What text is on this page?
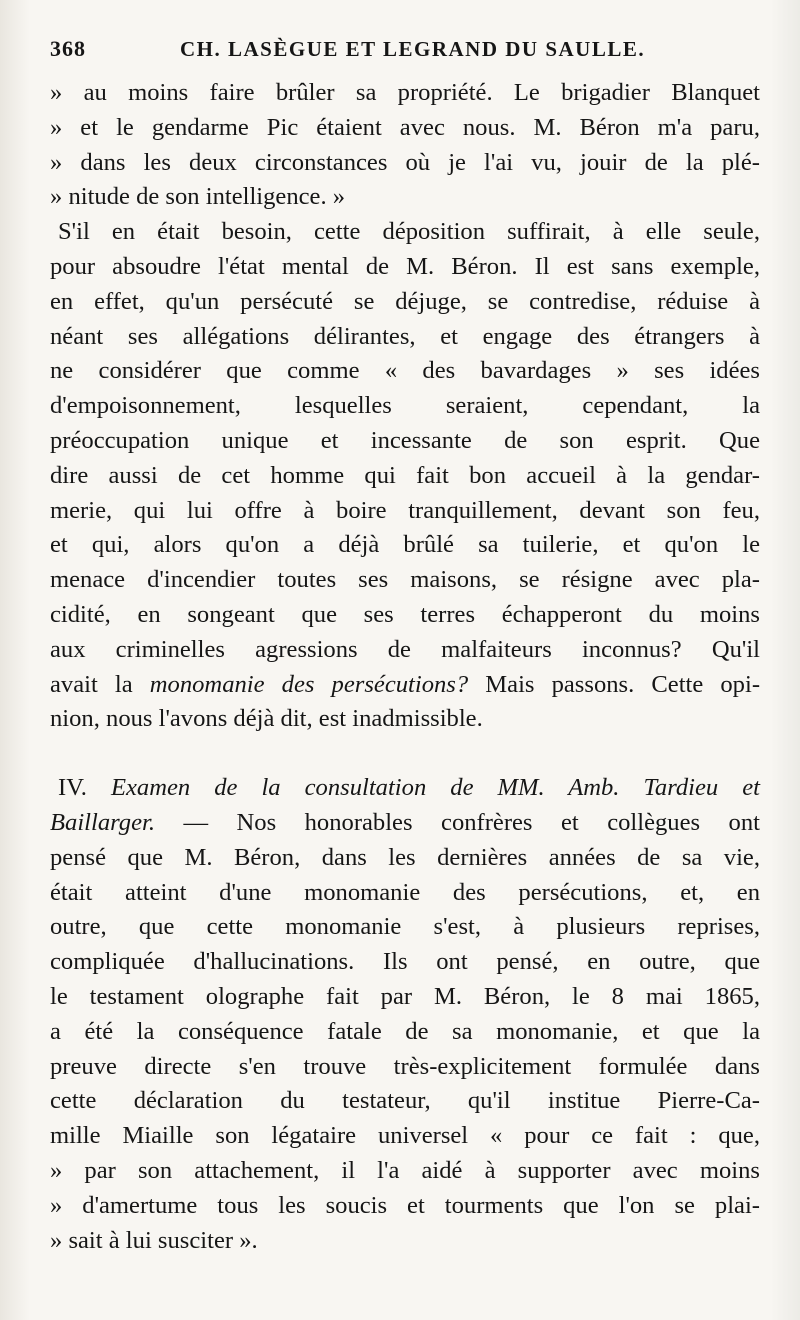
368	CH. LASÈGUE ET LEGRAND DU SAULLE.
» au moins faire brûler sa propriété. Le brigadier Blanquet
» et le gendarme Pic étaient avec nous. M. Béron m'a paru,
» dans les deux circonstances où je l'ai vu, jouir de la plé-
» nitude de son intelligence. »
S'il en était besoin, cette déposition suffirait, à elle seule,
pour absoudre l'état mental de M. Béron. Il est sans exemple,
en effet, qu'un persécuté se déjuge, se contredise, réduise à
néant ses allégations délirantes, et engage des étrangers à
ne considérer que comme « des bavardages » ses idées
d'empoisonnement, lesquelles seraient, cependant, la
préoccupation unique et incessante de son esprit. Que
dire aussi de cet homme qui fait bon accueil à la gendar-
merie, qui lui offre à boire tranquillement, devant son feu,
et qui, alors qu'on a déjà brûlé sa tuilerie, et qu'on le
menace d'incendier toutes ses maisons, se résigne avec pla-
cidité, en songeant que ses terres échapperont du moins
aux criminelles agressions de malfaiteurs inconnus? Qu'il
avait la monomanie des persécutions? Mais passons. Cette opi-
nion, nous l'avons déjà dit, est inadmissible.
IV. Examen de la consultation de MM. Amb. Tardieu et
Baillarger. — Nos honorables confrères et collègues ont
pensé que M. Béron, dans les dernières années de sa vie,
était atteint d'une monomanie des persécutions, et, en
outre, que cette monomanie s'est, à plusieurs reprises,
compliquée d'hallucinations. Ils ont pensé, en outre, que
le testament olographe fait par M. Béron, le 8 mai 1865,
a été la conséquence fatale de sa monomanie, et que la
preuve directe s'en trouve très-explicitement formulée dans
cette déclaration du testateur, qu'il institue Pierre-Ca-
mille Miaille son légataire universel « pour ce fait : que,
» par son attachement, il l'a aidé à supporter avec moins
» d'amertume tous les soucis et tourments que l'on se plai-
» sait à lui susciter ».
